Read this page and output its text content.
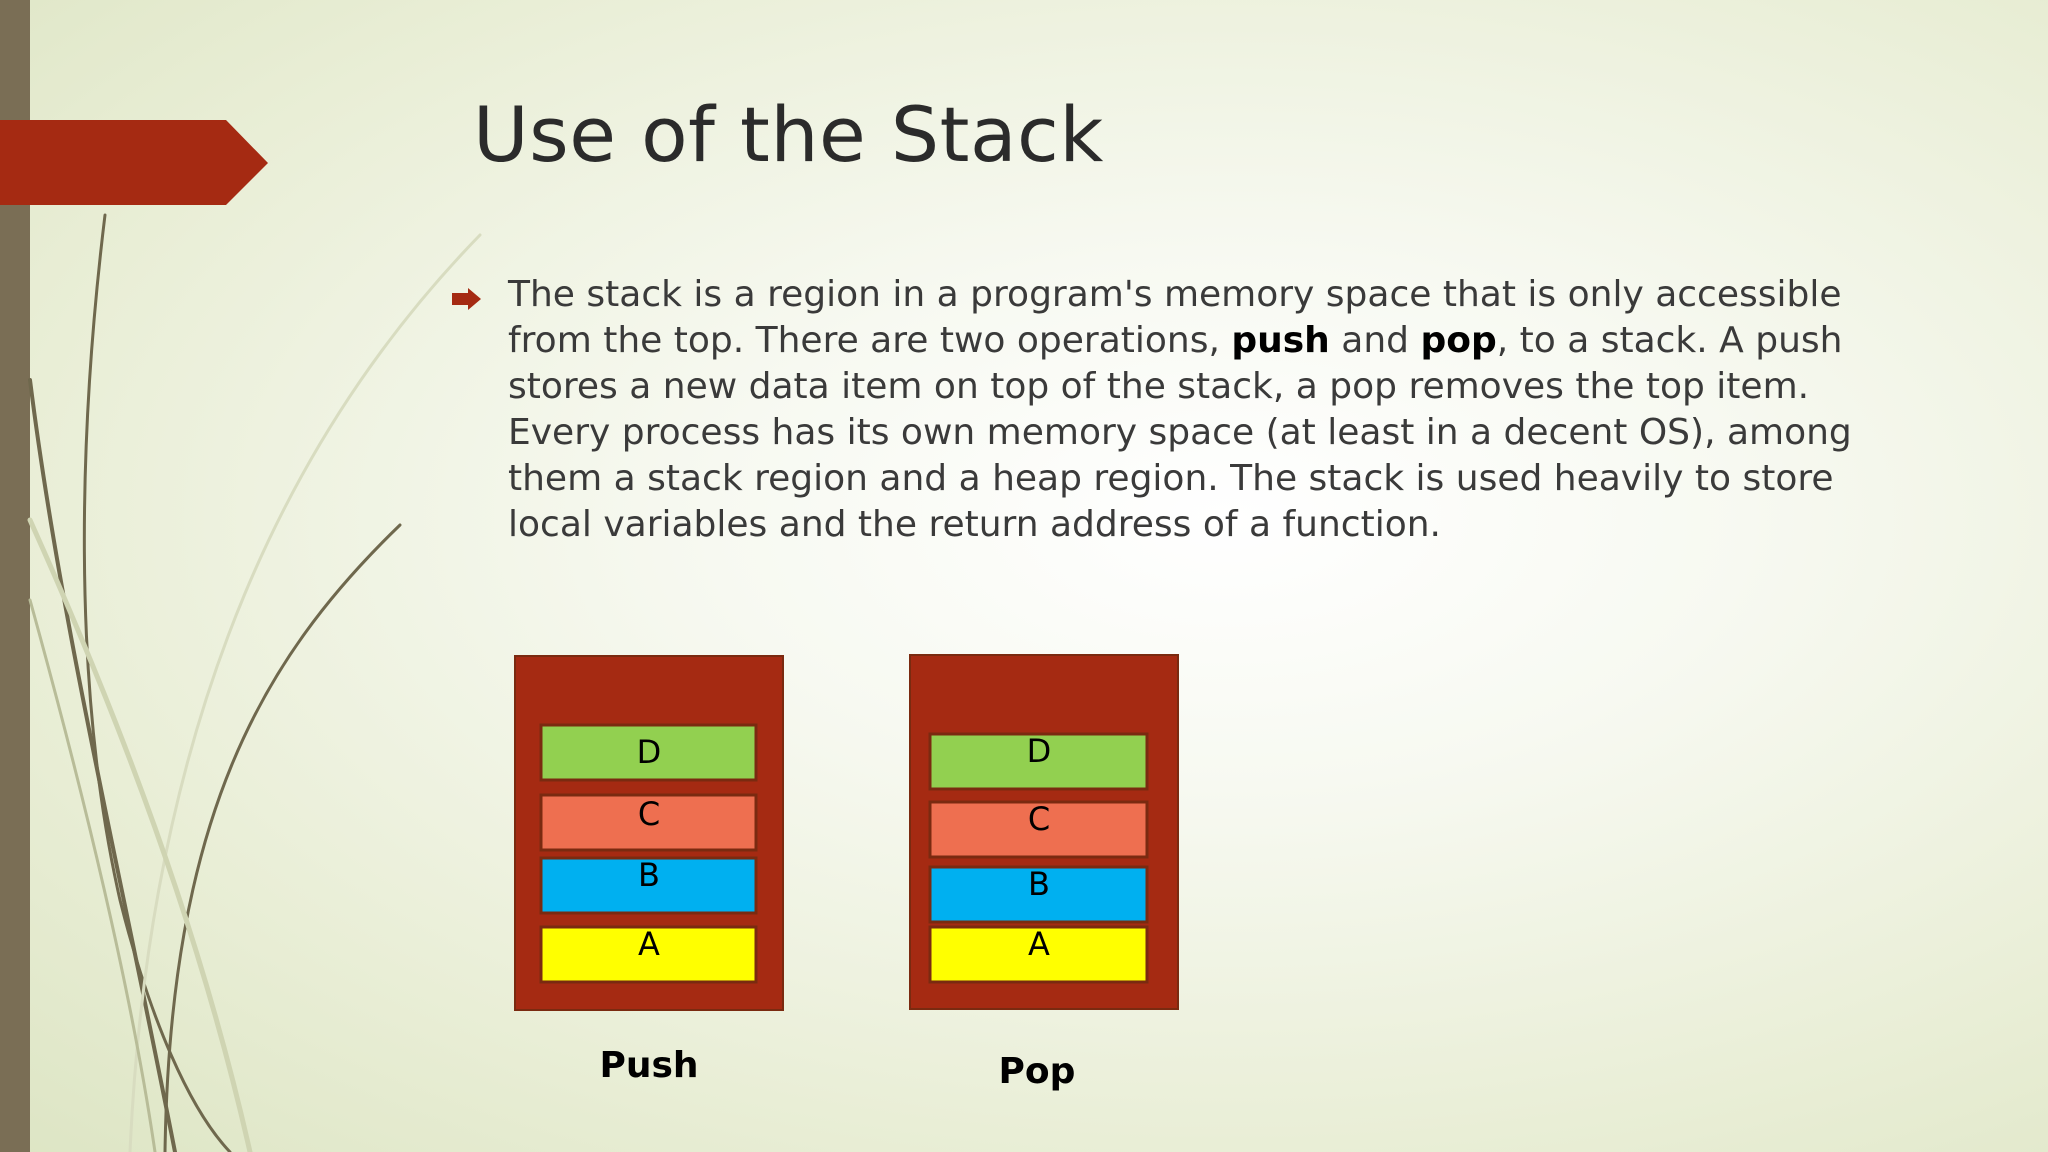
Use of the Stack
The stack is a region in a program's memory space that is only accessible from the top. There are two operations, push and pop, to a stack. A push stores a new data item on top of the stack, a pop removes the top item. Every process has its own memory space (at least in a decent OS), among them a stack region and a heap region. The stack is used heavily to store local variables and the return address of a function.
D
C
B
A
D
C
B
A
Push	Pop
